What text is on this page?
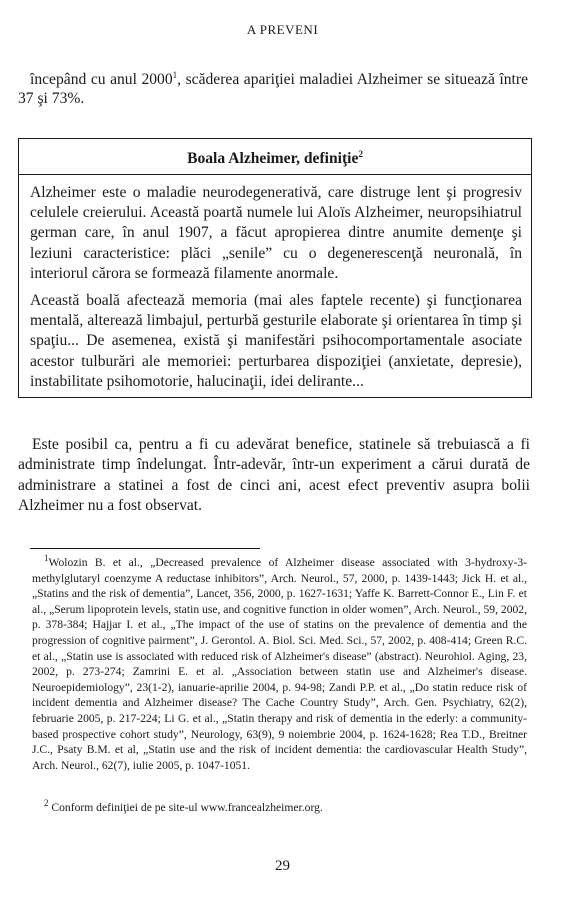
A PREVENI
începând cu anul 2000$^1$, scăderea apariţiei maladiei Alzheimer se situează între 37 şi 73%.
Boala Alzheimer, definiţie$^2$
Alzheimer este o maladie neurodegenerativă, care distruge lent şi progresiv celulele creierului. Această poartă numele lui Aloïs Alzheimer, neuropsihiatrul german care, în anul 1907, a făcut apropierea dintre anumite demenţe şi leziuni caracteristice: plăci „senile” cu o degenerescenţă neuronală, în interiorul cărora se formează filamente anormale.
Această boală afectează memoria (mai ales faptele recente) şi funcţionarea mentală, alterează limbajul, perturbă gesturile elaborate şi orientarea în timp şi spaţiu... De asemenea, există şi manifestări psihocomportamentale asociate acestor tulburări ale memoriei: perturbarea dispoziţiei (anxietate, depresie), instabilitate psihomotorie, halucinaţii, idei delirante...
Este posibil ca, pentru a fi cu adevărat benefice, statinele să trebuiască a fi administrate timp îndelungat. Într-adevăr, într-un experiment a cărui durată de administrare a statinei a fost de cinci ani, acest efect preventiv asupra bolii Alzheimer nu a fost observat.
$^1$Wolozin B. et al., „Decreased prevalence of Alzheimer disease associated with 3-hydroxy-3-methylglutaryl coenzyme A reductase inhibitors”, Arch. Neurol., 57, 2000, p. 1439-1443; Jick H. et al., „Statins and the risk of dementia”, Lancet, 356, 2000, p. 1627-1631; Yaffe K. Barrett-Connor E., Lin F. et al., „Serum lipoprotein levels, statin use, and cognitive function in older women”, Arch. Neurol., 59, 2002, p. 378-384; Hajjar I. et al., „The impact of the use of statins on the prevalence of dementia and the progression of cognitive pairment”, J. Gerontol. A. Biol. Sci. Med. Sci., 57, 2002, p. 408-414; Green R.C. et al., „Statin use is associated with reduced risk of Alzheimer's disease” (abstract). Neurohiol. Aging, 23, 2002, p. 273-274; Zamrini E. et al. „Association between statin use and Alzheimer's disease. Neuroepidemiology”, 23(1-2), ianuarie-aprilie 2004, p. 94-98; Zandi P.P. et al., „Do statin reduce risk of incident dementia and Alzheimer disease? The Cache Country Study”, Arch. Gen. Psychiatry, 62(2), februarie 2005, p. 217-224; Li G. et al., „Statin therapy and risk of dementia in the ederly: a community-based prospective cohort study”, Neurology, 63(9), 9 noiembrie 2004, p. 1624-1628; Rea T.D., Breitner J.C., Psaty B.M. et al, „Statin use and the risk of incident dementia: the cardiovascular Health Study”, Arch. Neurol., 62(7), iulie 2005, p. 1047-1051.
$^2$ Conform definiţiei de pe site-ul www.francealzheimer.org.
29
